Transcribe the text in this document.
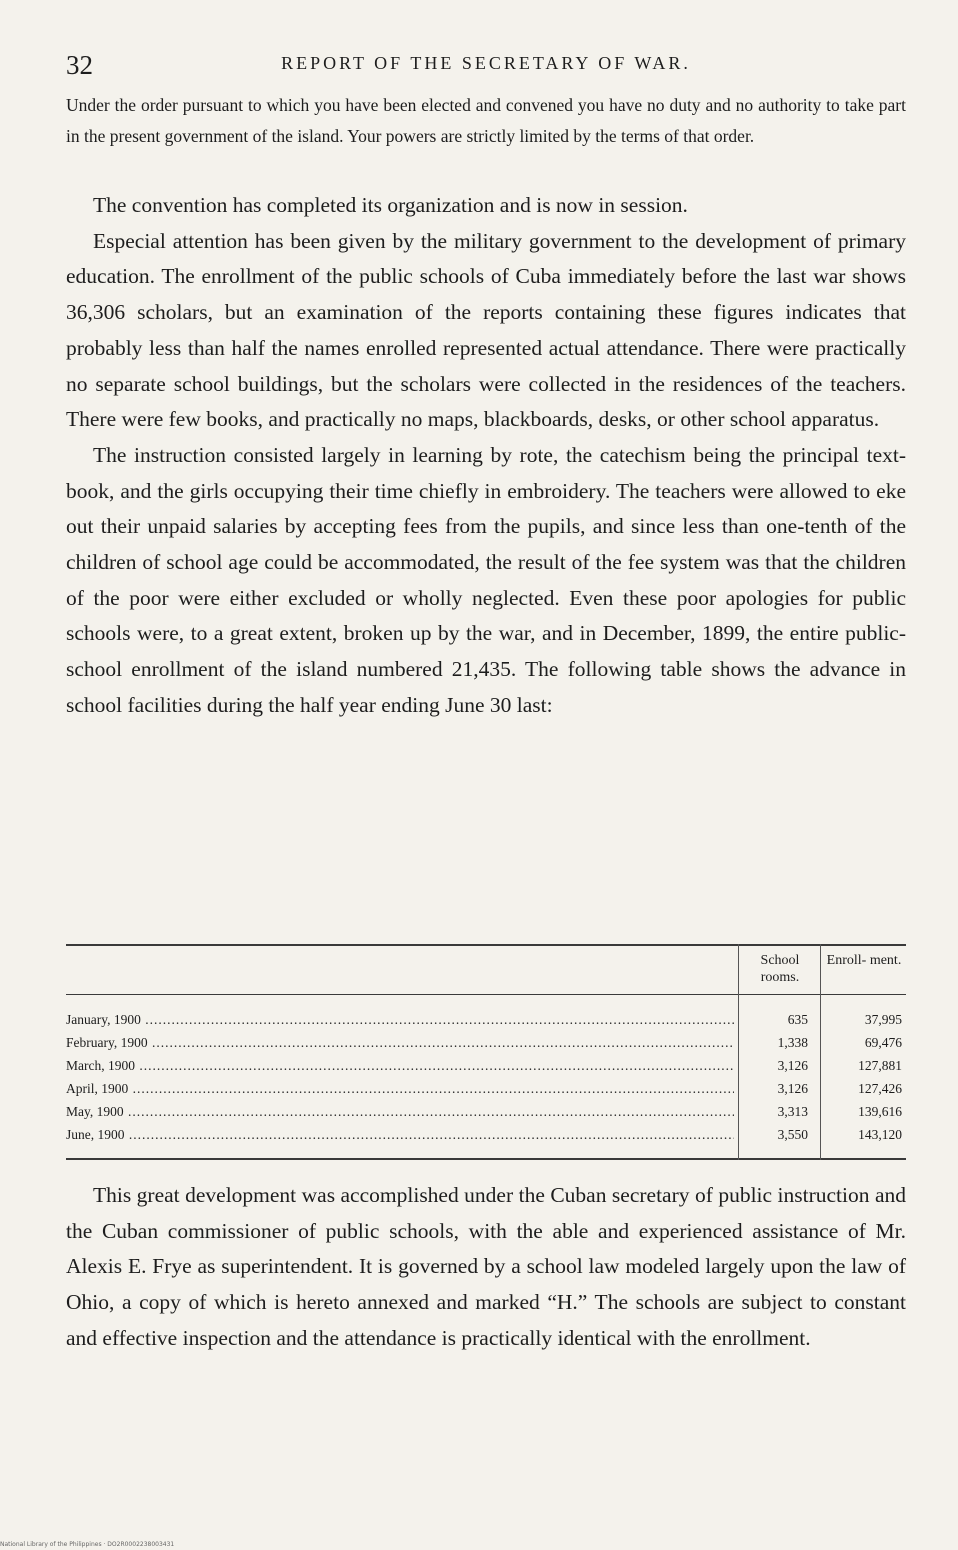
32	REPORT OF THE SECRETARY OF WAR.
Under the order pursuant to which you have been elected and convened you have no duty and no authority to take part in the present government of the island. Your powers are strictly limited by the terms of that order.

The convention has completed its organization and is now in session.

Especial attention has been given by the military government to the development of primary education. The enrollment of the public schools of Cuba immediately before the last war shows 36,306 scholars, but an examination of the reports containing these figures indicates that probably less than half the names enrolled represented actual attendance. There were practically no separate school buildings, but the scholars were collected in the residences of the teachers. There were few books, and practically no maps, blackboards, desks, or other school apparatus.

The instruction consisted largely in learning by rote, the catechism being the principal text-book, and the girls occupying their time chiefly in embroidery. The teachers were allowed to eke out their unpaid salaries by accepting fees from the pupils, and since less than one-tenth of the children of school age could be accommodated, the result of the fee system was that the children of the poor were either excluded or wholly neglected. Even these poor apologies for public schools were, to a great extent, broken up by the war, and in December, 1899, the entire public-school enrollment of the island numbered 21,435. The following table shows the advance in school facilities during the half year ending June 30 last:

School rooms.
Enroll- ment.
January, 1900 .....	635	37,995
February, 1900 .....	1,338	69,476
March, 1900 .....	3,126	127,881
April, 1900 .....	3,126	127,426
May, 1900 .....	3,313	139,616
June, 1900 .....	3,550	143,120

This great development was accomplished under the Cuban secretary of public instruction and the Cuban commissioner of public schools, with the able and experienced assistance of Mr. Alexis E. Frye as superintendent. It is governed by a school law modeled largely upon the law of Ohio, a copy of which is hereto annexed and marked “H.” The schools are subject to constant and effective inspection and the attendance is practically identical with the enrollment.

National Library of the Philippines · DO2R0002238003431
